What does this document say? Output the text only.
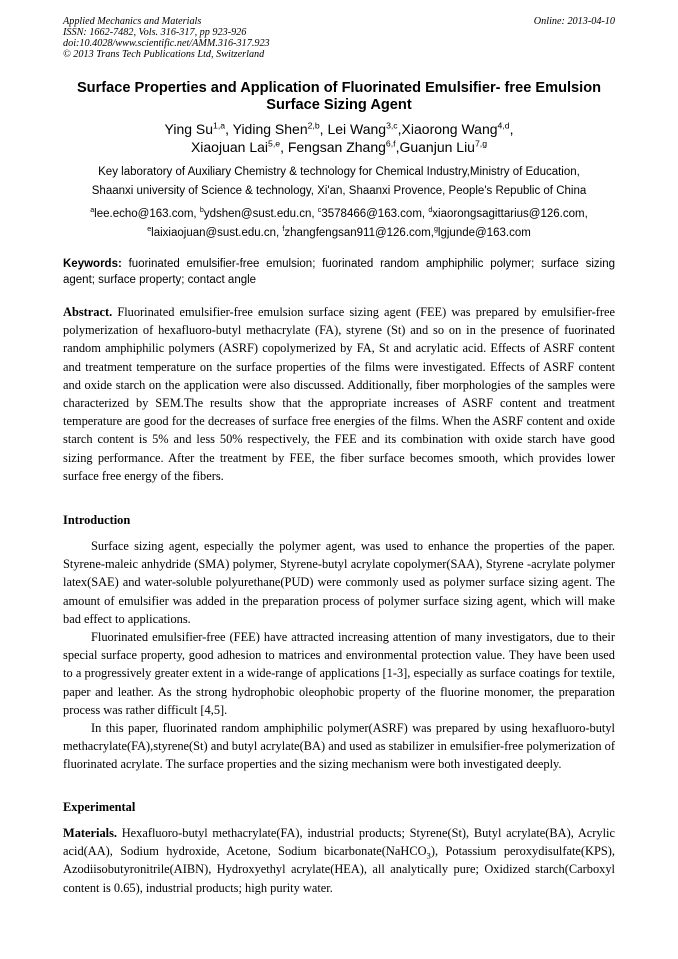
Applied Mechanics and Materials
ISSN: 1662-7482, Vols. 316-317, pp 923-926
doi:10.4028/www.scientific.net/AMM.316-317.923
© 2013 Trans Tech Publications Ltd, Switzerland
Online: 2013-04-10
Surface Properties and Application of Fluorinated Emulsifier- free Emulsion Surface Sizing Agent
Ying Su$^{1,a}$, Yiding Shen$^{2,b}$, Lei Wang$^{3,c}$,Xiaorong Wang$^{4,d}$,
Xiaojuan Lai$^{5,e}$, Fengsan Zhang$^{6,f}$,Guanjun Liu$^{7,g}$
Key laboratory of Auxiliary Chemistry & technology for Chemical Industry,Ministry of Education,
Shaanxi university of Science & technology, Xi'an, Shaanxi Provence, People's Republic of China
$^a$lee.echo@163.com, $^b$ydshen@sust.edu.cn, $^c$3578466@163.com, $^d$xiaorongsagittarius@126.com,
$^e$laixiaojuan@sust.edu.cn, $^f$zhangfengsan911@126.com,$^g$lgjunde@163.com
Keywords: fuorinated emulsifier-free emulsion; fuorinated random amphiphilic polymer; surface sizing agent; surface property; contact angle
Abstract. Fluorinated emulsifier-free emulsion surface sizing agent (FEE) was prepared by emulsifier-free polymerization of hexafluoro-butyl methacrylate (FA), styrene (St) and so on in the presence of fuorinated random amphiphilic polymers (ASRF) copolymerized by FA, St and acrylatic acid. Effects of ASRF content and treatment temperature on the surface properties of the films were investigated. Effects of ASRF content and oxide starch on the application were also discussed. Additionally, fiber morphologies of the samples were characterized by SEM.The results show that the appropriate increases of ASRF content and treatment temperature are good for the decreases of surface free energies of the films. When the ASRF content and oxide starch content is 5% and less 50% respectively, the FEE and its combination with oxide starch have good sizing performance. After the treatment by FEE, the fiber surface becomes smooth, which provides lower surface free energy of the fibers.
Introduction

Surface sizing agent, especially the polymer agent, was used to enhance the properties of the paper. Styrene-maleic anhydride (SMA) polymer, Styrene-butyl acrylate copolymer(SAA), Styrene -acrylate polymer latex(SAE) and water-soluble polyurethane(PUD) were commonly used as polymer surface sizing agent. The amount of emulsifier was added in the preparation process of polymer surface sizing agent, which will make bad effect to applications.

Fluorinated emulsifier-free (FEE) have attracted increasing attention of many investigators, due to their special surface property, good adhesion to matrices and environmental protection value. They have been used to a progressively greater extent in a wide-range of applications [1-3], especially as surface coatings for textile, paper and leather. As the strong hydrophobic oleophobic property of the fluorine monomer, the preparation process was rather difficult [4,5].

In this paper, fluorinated random amphiphilic polymer(ASRF) was prepared by using hexafluoro-butyl methacrylate(FA),styrene(St) and butyl acrylate(BA) and used as stabilizer in emulsifier-free polymerization of fluorinated acrylate. The surface properties and the sizing mechanism were both investigated deeply.

Experimental
Materials. Hexafluoro-butyl methacrylate(FA), industrial products; Styrene(St), Butyl acrylate(BA), Acrylic acid(AA), Sodium hydroxide, Acetone, Sodium bicarbonate(NaHCO$_3$), Potassium peroxydisulfate(KPS), Azodiisobutyronitrile(AIBN), Hydroxyethyl acrylate(HEA), all analytically pure; Oxidized starch(Carboxyl content is 0.65), industrial products; high purity water.
